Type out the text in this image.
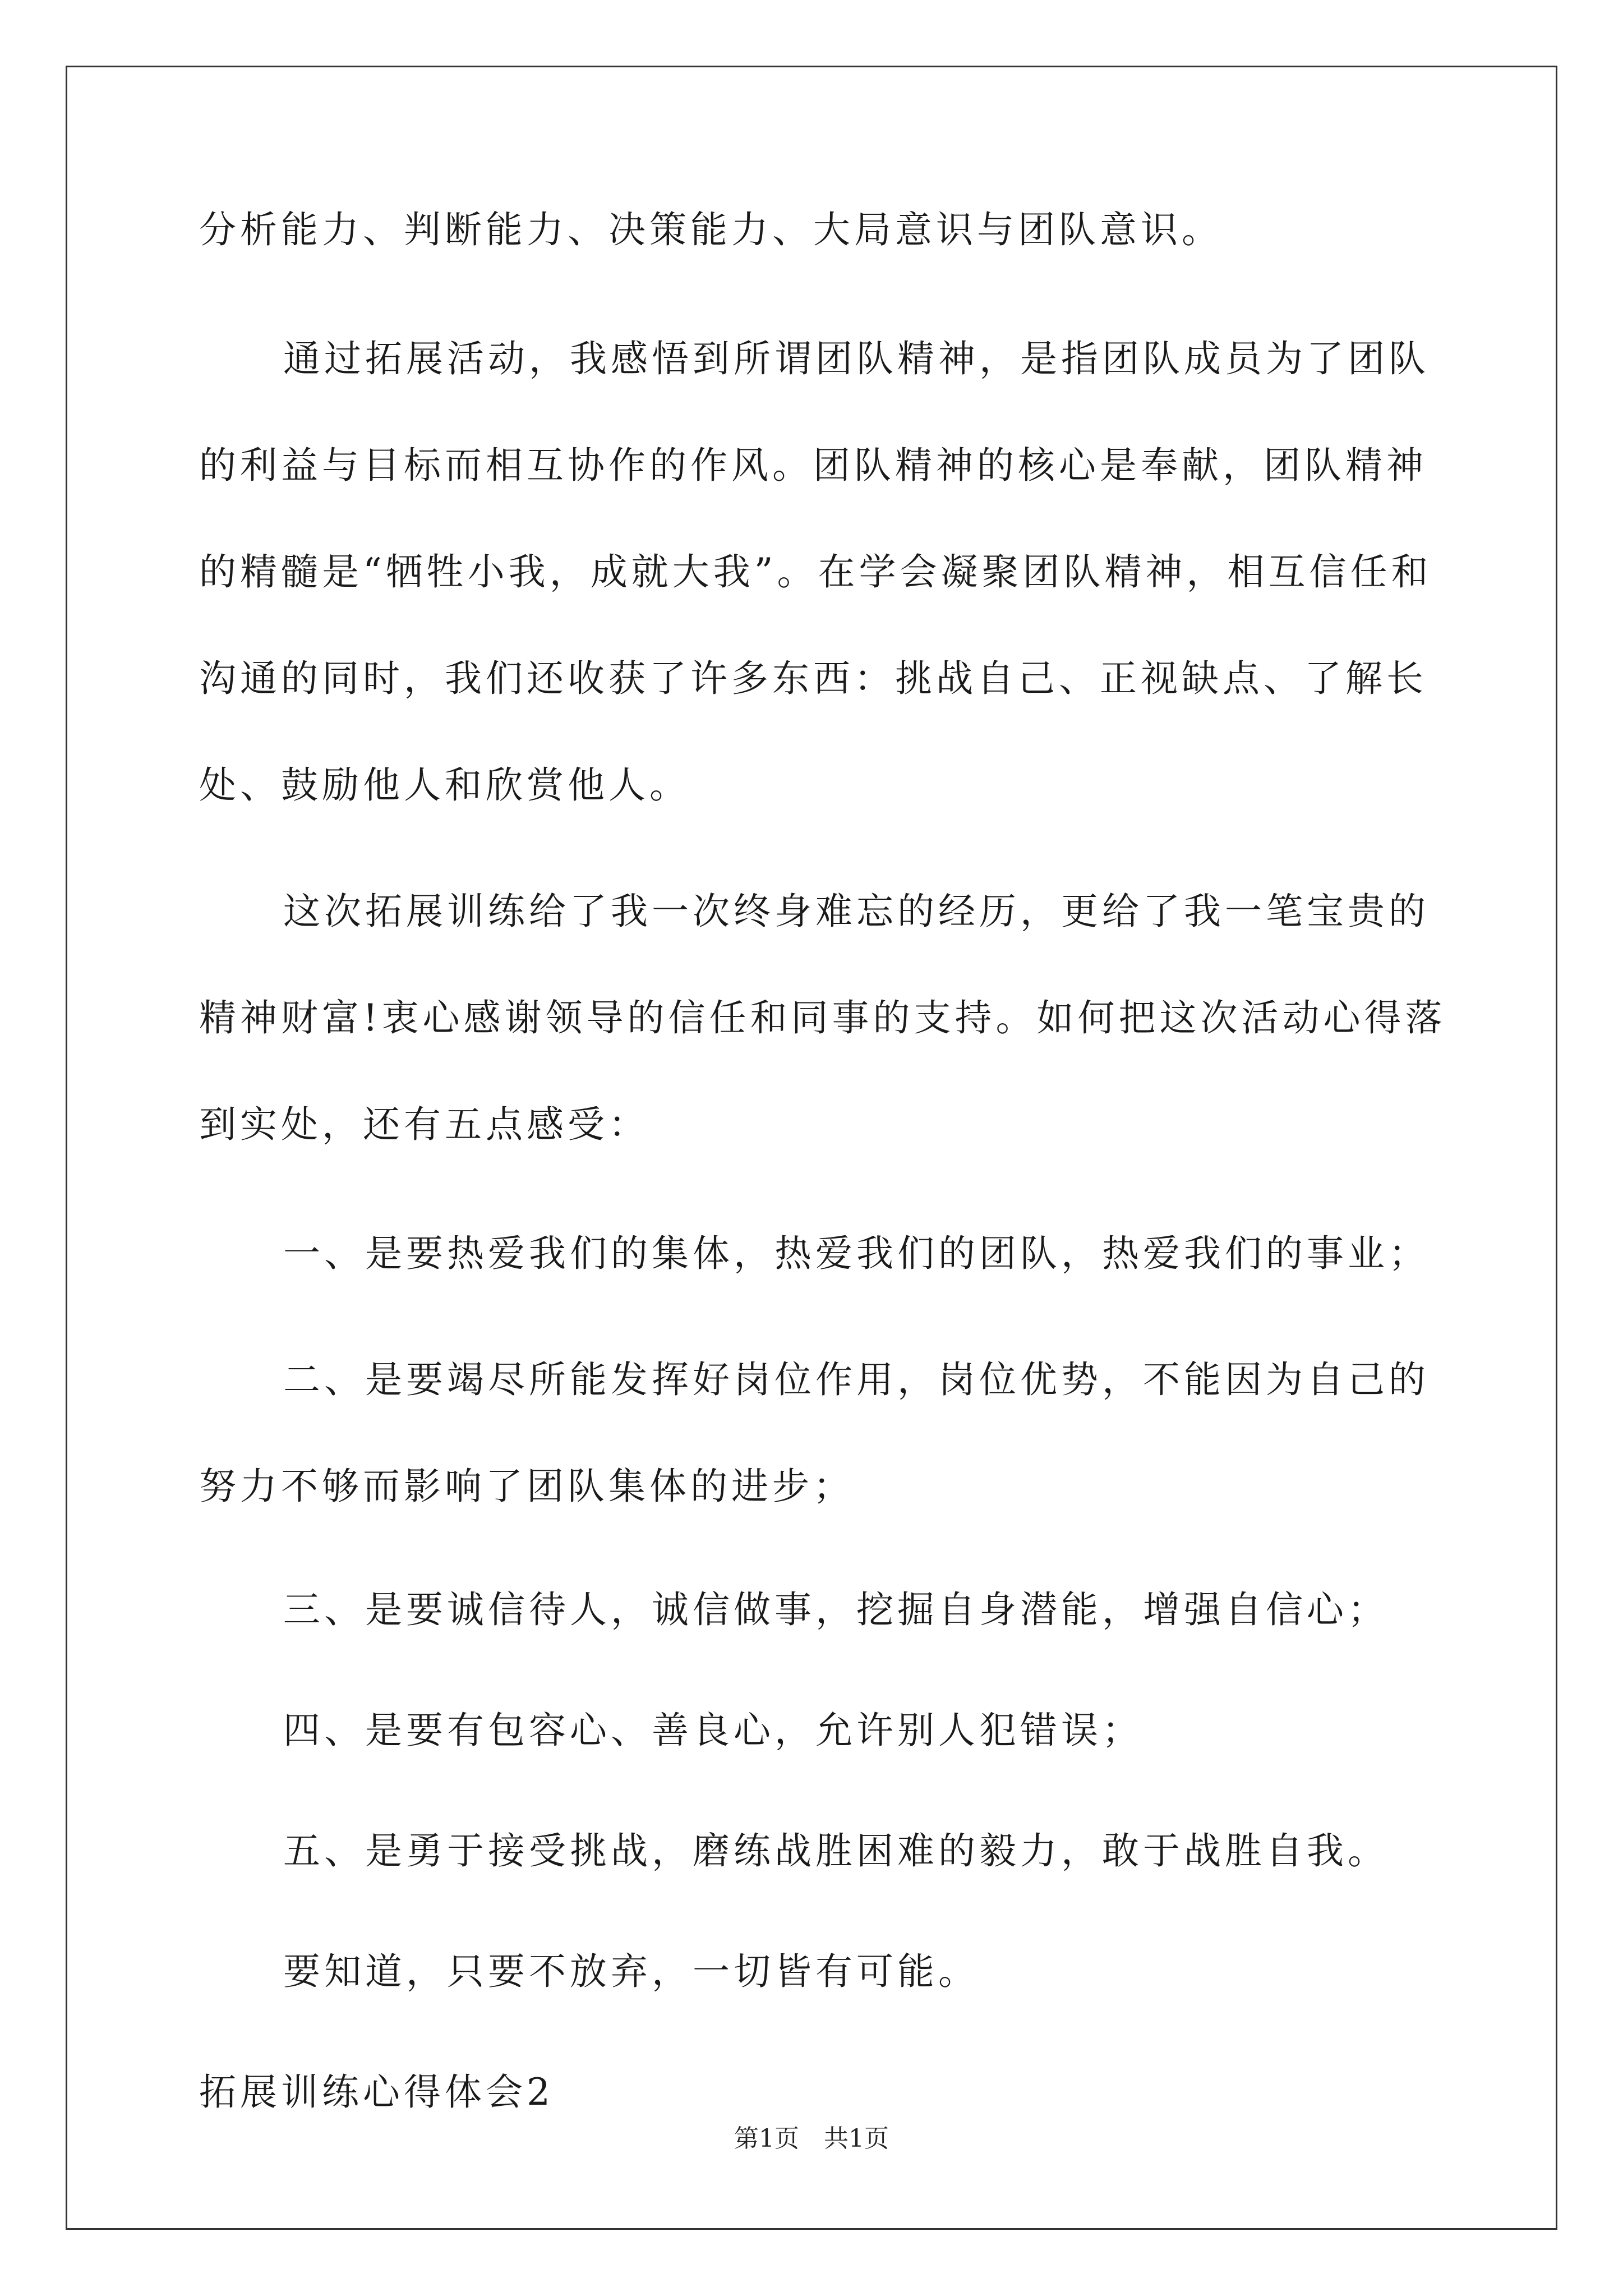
分析能力、判断能力、决策能力、大局意识与团队意识。
通过拓展活动，我感悟到所谓团队精神，是指团队成员为了团队
的利益与目标而相互协作的作风。团队精神的核心是奉献，团队精神
的精髓是“牺牲小我，成就大我”。在学会凝聚团队精神，相互信任和
沟通的同时，我们还收获了许多东西：挑战自己、正视缺点、了解长
处、鼓励他人和欣赏他人。
这次拓展训练给了我一次终身难忘的经历，更给了我一笔宝贵的
精神财富!衷心感谢领导的信任和同事的支持。如何把这次活动心得落
到实处，还有五点感受：
一、是要热爱我们的集体，热爱我们的团队，热爱我们的事业；
二、是要竭尽所能发挥好岗位作用，岗位优势，不能因为自己的
努力不够而影响了团队集体的进步；
三、是要诚信待人，诚信做事，挖掘自身潜能，增强自信心；
四、是要有包容心、善良心，允许别人犯错误；
五、是勇于接受挑战，磨练战胜困难的毅力，敢于战胜自我。
要知道，只要不放弃，一切皆有可能。
拓展训练心得体会2
第1页　共1页
